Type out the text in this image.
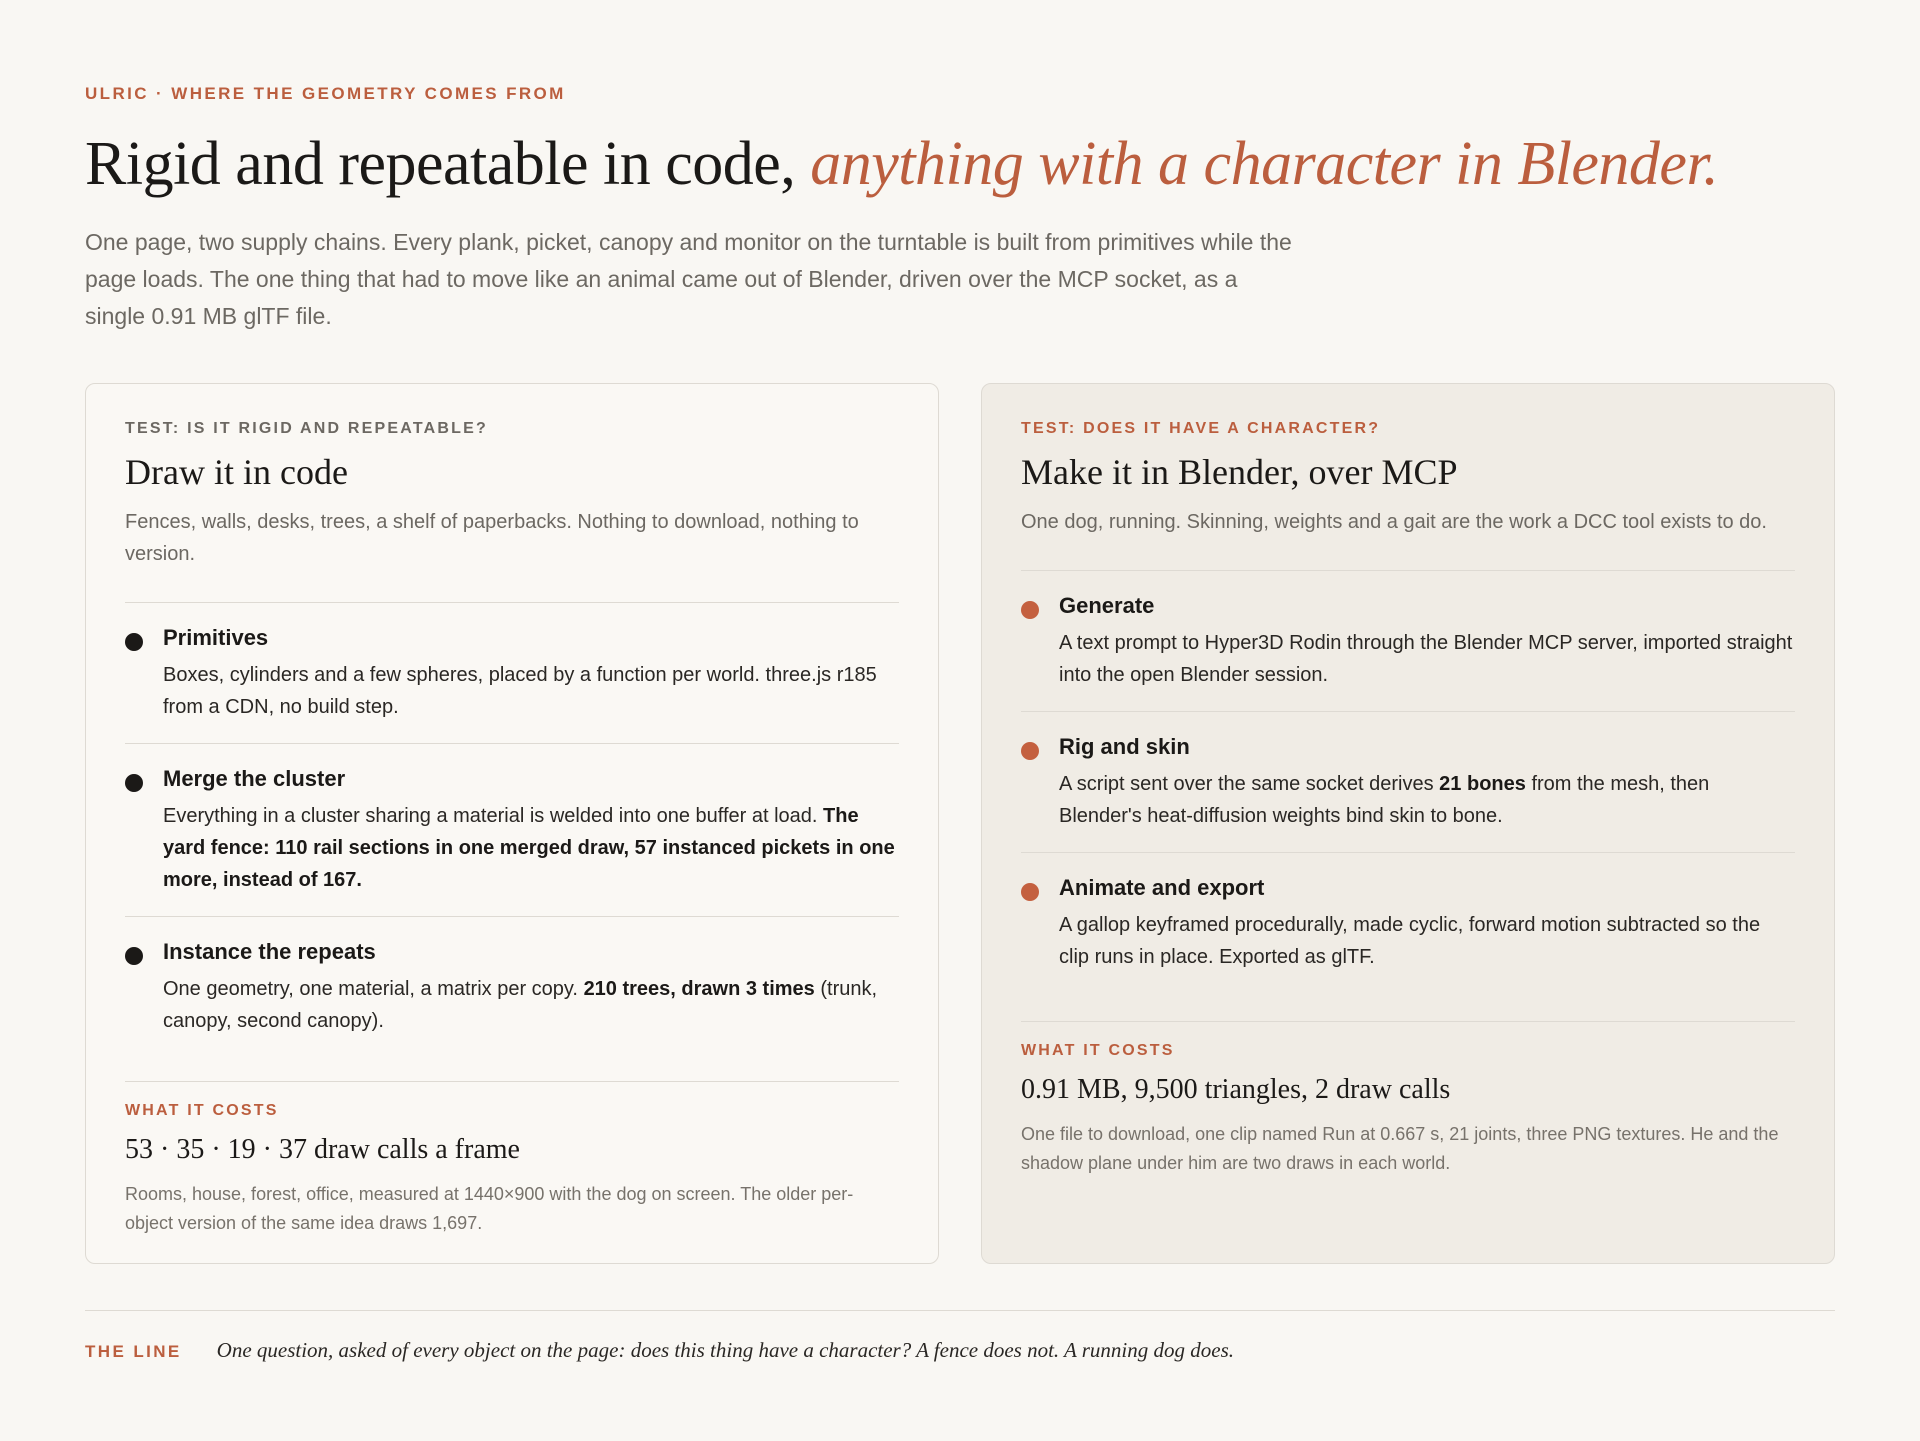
ULRIC · WHERE THE GEOMETRY COMES FROM

Rigid and repeatable in code, anything with a character in Blender.

One page, two supply chains. Every plank, picket, canopy and monitor on the turntable is built from primitives while the page loads. The one thing that had to move like an animal came out of Blender, driven over the MCP socket, as a single 0.91 MB glTF file.

TEST: IS IT RIGID AND REPEATABLE?

Draw it in code

Fences, walls, desks, trees, a shelf of paperbacks. Nothing to download, nothing to version.

Primitives

Boxes, cylinders and a few spheres, placed by a function per world. three.js r185 from a CDN, no build step.

Merge the cluster

Everything in a cluster sharing a material is welded into one buffer at load. The yard fence: 110 rail sections in one merged draw, 57 instanced pickets in one more, instead of 167.

Instance the repeats

One geometry, one material, a matrix per copy. 210 trees, drawn 3 times (trunk, canopy, second canopy).

WHAT IT COSTS

53 · 35 · 19 · 37 draw calls a frame

Rooms, house, forest, office, measured at 1440×900 with the dog on screen. The older per-object version of the same idea draws 1,697.

TEST: DOES IT HAVE A CHARACTER?

Make it in Blender, over MCP

One dog, running. Skinning, weights and a gait are the work a DCC tool exists to do.

Generate

A text prompt to Hyper3D Rodin through the Blender MCP server, imported straight into the open Blender session.

Rig and skin

A script sent over the same socket derives 21 bones from the mesh, then Blender's heat-diffusion weights bind skin to bone.

Animate and export

A gallop keyframed procedurally, made cyclic, forward motion subtracted so the clip runs in place. Exported as glTF.

WHAT IT COSTS

0.91 MB, 9,500 triangles, 2 draw calls

One file to download, one clip named Run at 0.667 s, 21 joints, three PNG textures. He and the shadow plane under him are two draws in each world.

THE LINE One question, asked of every object on the page: does this thing have a character? A fence does not. A running dog does.
